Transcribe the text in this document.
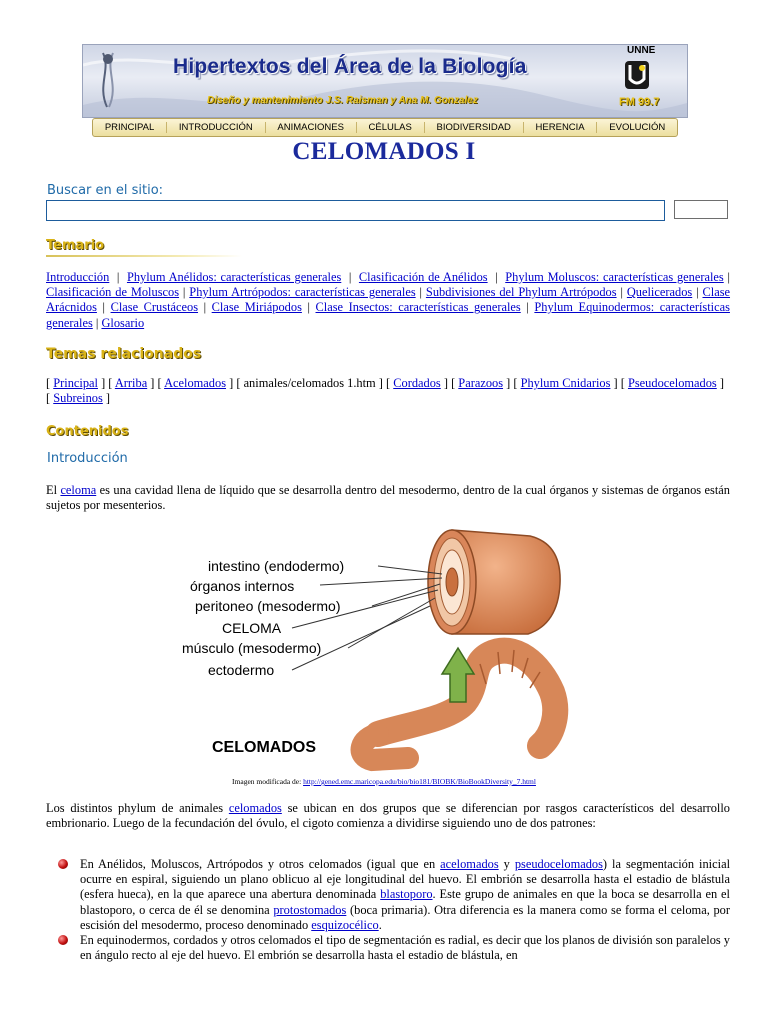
Hipertextos del Área de la Biología
Diseño y mantenimiento J.S. Raisman y Ana M. Gonzalez
UNNE
FM 99.7
PRINCIPAL	INTRODUCCIÓN	ANIMACIONES	CÉLULAS	BIODIVERSIDAD	HERENCIA	EVOLUCIÓN
CELOMADOS I
Buscar en el sitio:
Temario
Introducción  |  Phylum Anélidos: características generales  |  Clasificación de Anélidos  |  Phylum Moluscos: características generales | Clasificación de Moluscos | Phylum Artrópodos: características generales | Subdivisiones del Phylum Artrópodos | Quelicerados | Clase Arácnidos | Clase Crustáceos | Clase Miriápodos | Clase Insectos: características generales | Phylum Equinodermos: características generales | Glosario
Temas relacionados
[ Principal ] [ Arriba ] [ Acelomados ] [ animales/celomados 1.htm ] [ Cordados ] [ Parazoos ] [ Phylum Cnidarios ] [ Pseudocelomados ] [ Subreinos ]
Contenidos
Introducción
El celoma es una cavidad llena de líquido que se desarrolla dentro del mesodermo, dentro de la cual órganos y sistemas de órganos están sujetos por mesenterios.
intestino (endodermo)
órganos internos
peritoneo (mesodermo)
CELOMA
músculo (mesodermo)
ectodermo
CELOMADOS
Imagen modificada de: http://gened.emc.maricopa.edu/bio/bio181/BIOBK/BioBookDiversity_7.html
Los distintos phylum de animales celomados se ubican en dos grupos que se diferencian por rasgos característicos del desarrollo embrionario. Luego de la fecundación del óvulo, el cigoto comienza a dividirse siguiendo uno de dos patrones:
En Anélidos, Moluscos, Artrópodos y otros celomados (igual que en acelomados y pseudocelomados) la segmentación inicial ocurre en espiral, siguiendo un plano oblicuo al eje longitudinal del huevo. El embrión se desarrolla hasta el estadio de blástula (esfera hueca), en la que aparece una abertura denominada blastoporo. Este grupo de animales en que la boca se desarrolla en el blastoporo, o cerca de él se denomina protostomados (boca primaria). Otra diferencia es la manera como se forma el celoma, por escisión del mesodermo, proceso denominado esquizocélico.
En equinodermos, cordados y otros celomados el tipo de segmentación es radial, es decir que los planos de división son paralelos y en ángulo recto al eje del huevo. El embrión se desarrolla hasta el estadio de blástula, en
